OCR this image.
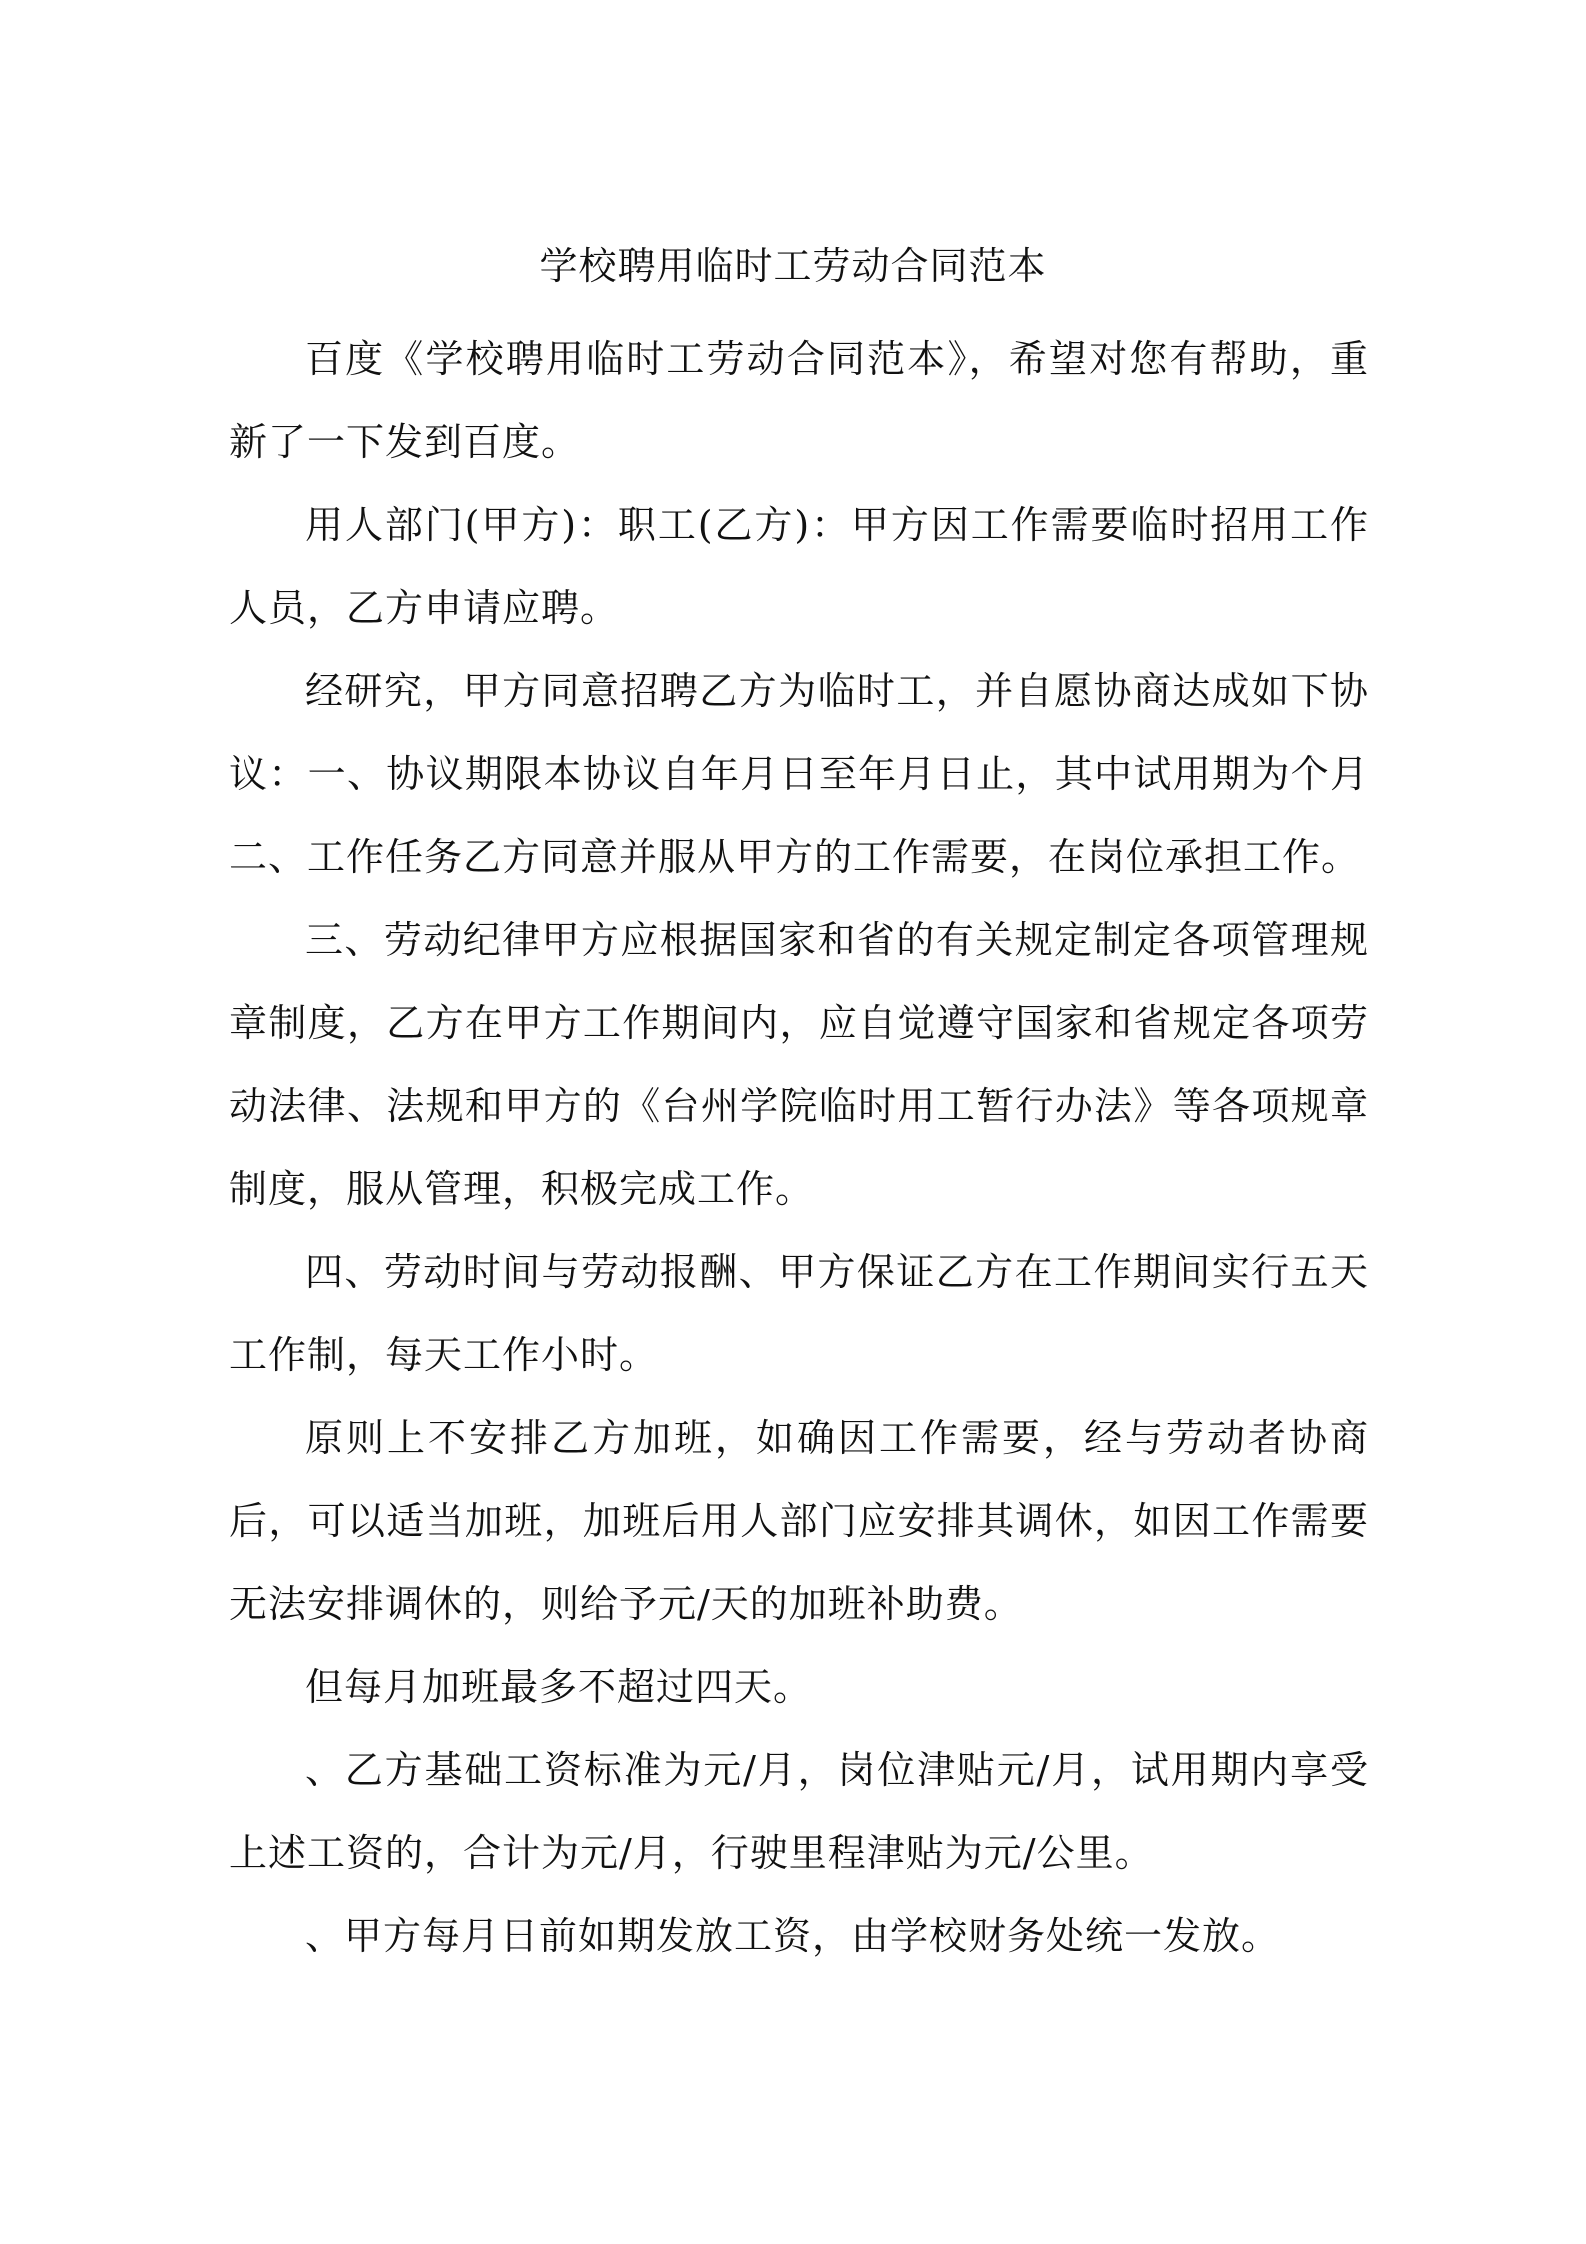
学校聘用临时工劳动合同范本

百度《学校聘用临时工劳动合同范本》，希望对您有帮助，重新了一下发到百度。

用人部门(甲方)：职工(乙方)：甲方因工作需要临时招用工作人员，乙方申请应聘。

经研究，甲方同意招聘乙方为临时工，并自愿协商达成如下协议：一、协议期限本协议自年月日至年月日止，其中试用期为个月二、工作任务乙方同意并服从甲方的工作需要，在岗位承担工作。

三、劳动纪律甲方应根据国家和省的有关规定制定各项管理规章制度，乙方在甲方工作期间内，应自觉遵守国家和省规定各项劳动法律、法规和甲方的《台州学院临时用工暂行办法》等各项规章制度，服从管理，积极完成工作。

四、劳动时间与劳动报酬、甲方保证乙方在工作期间实行五天工作制，每天工作小时。

原则上不安排乙方加班，如确因工作需要，经与劳动者协商后，可以适当加班，加班后用人部门应安排其调休，如因工作需要无法安排调休的，则给予元/天的加班补助费。

但每月加班最多不超过四天。

、乙方基础工资标准为元/月，岗位津贴元/月，试用期内享受上述工资的，合计为元/月，行驶里程津贴为元/公里。

、甲方每月日前如期发放工资，由学校财务处统一发放。
